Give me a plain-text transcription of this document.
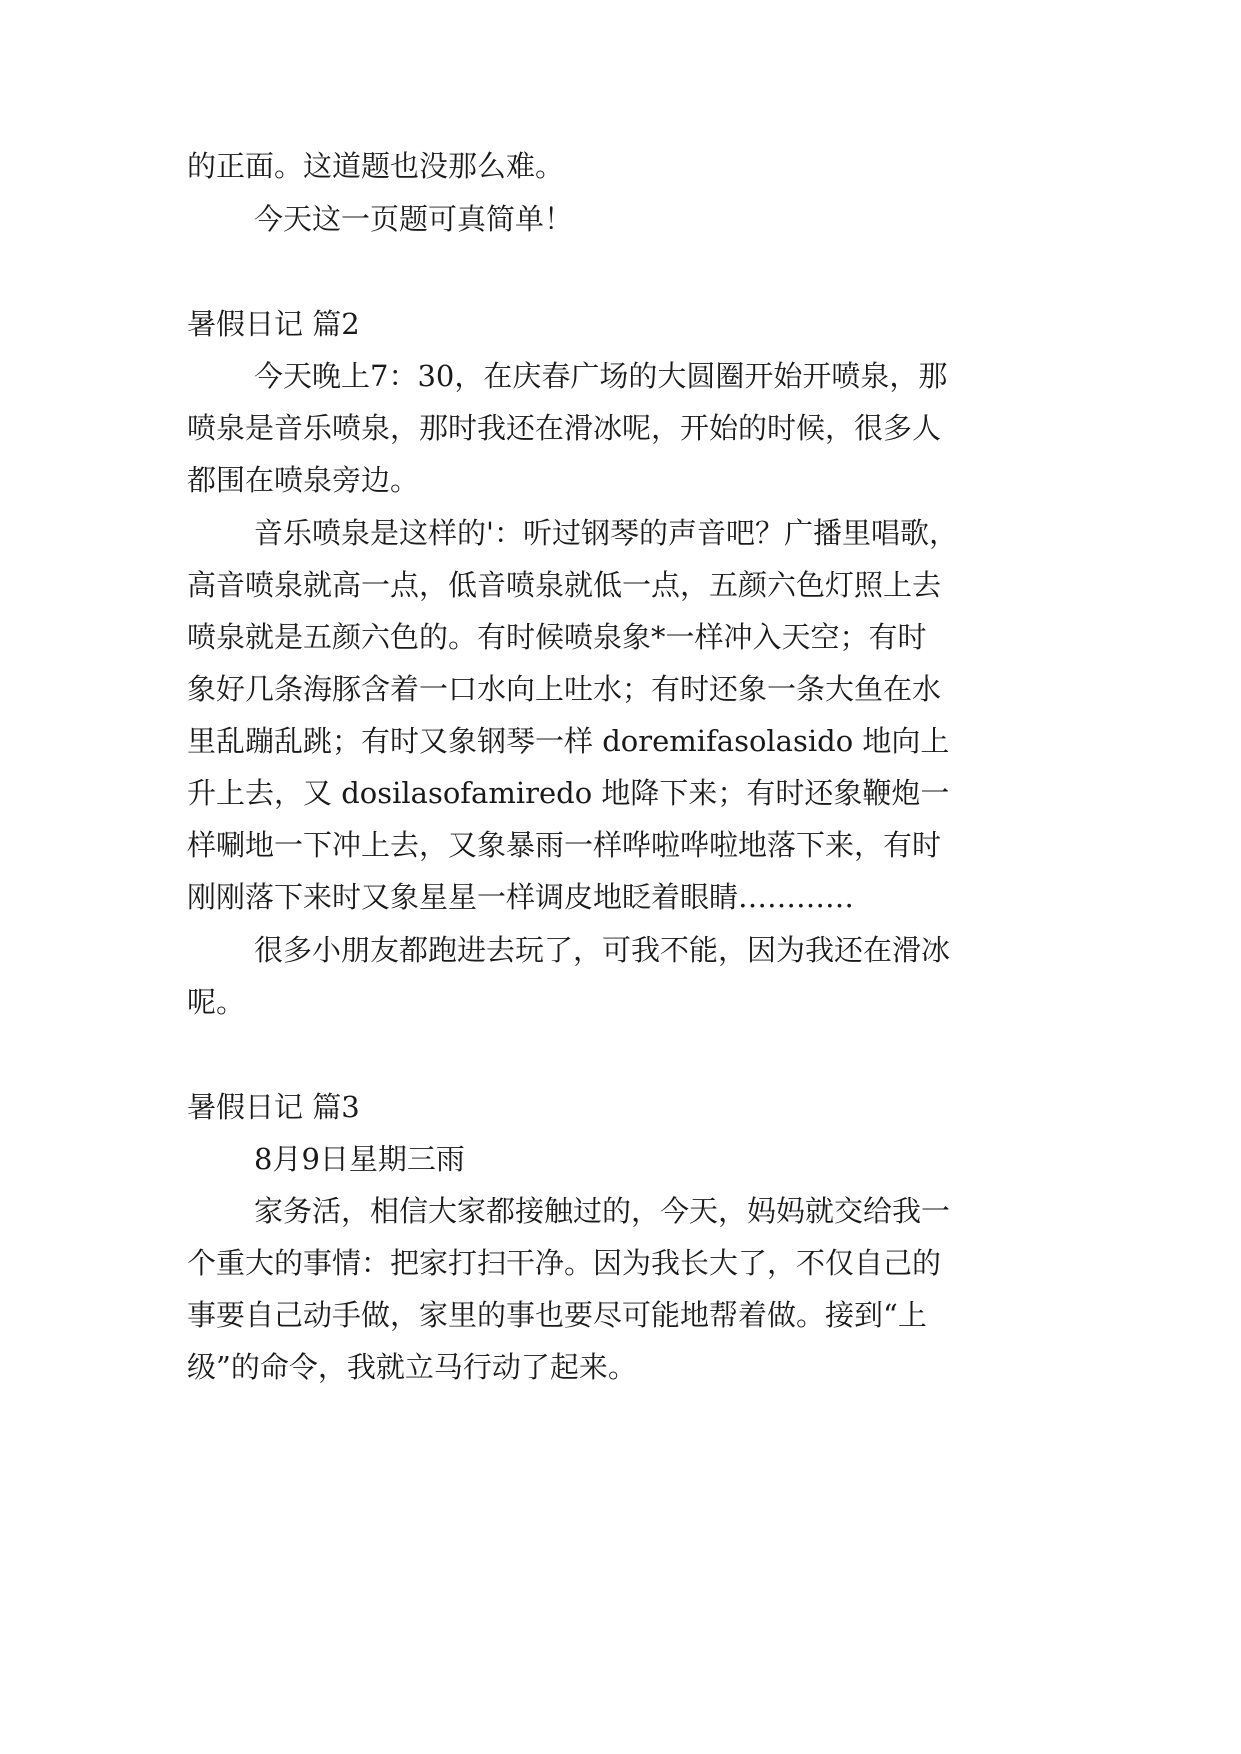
的正面。这道题也没那么难。

今天这一页题可真简单！

暑假日记 篇2

今天晚上7：30，在庆春广场的大圆圈开始开喷泉，那

喷泉是音乐喷泉，那时我还在滑冰呢，开始的时候，很多人

都围在喷泉旁边。

音乐喷泉是这样的'：听过钢琴的声音吧？广播里唱歌，

高音喷泉就高一点，低音喷泉就低一点，五颜六色灯照上去

喷泉就是五颜六色的。有时候喷泉象*一样冲入天空；有时

象好几条海豚含着一口水向上吐水；有时还象一条大鱼在水

里乱蹦乱跳；有时又象钢琴一样 doremifasolasido 地向上

升上去，又 dosilasofamiredo 地降下来；有时还象鞭炮一

样唰地一下冲上去，又象暴雨一样哗啦哗啦地落下来，有时

刚刚落下来时又象星星一样调皮地眨着眼睛…………

很多小朋友都跑进去玩了，可我不能，因为我还在滑冰

呢。

暑假日记 篇3

8月9日星期三雨

家务活，相信大家都接触过的，今天，妈妈就交给我一

个重大的事情：把家打扫干净。因为我长大了，不仅自己的

事要自己动手做，家里的事也要尽可能地帮着做。接到“上

级”的命令，我就立马行动了起来。
